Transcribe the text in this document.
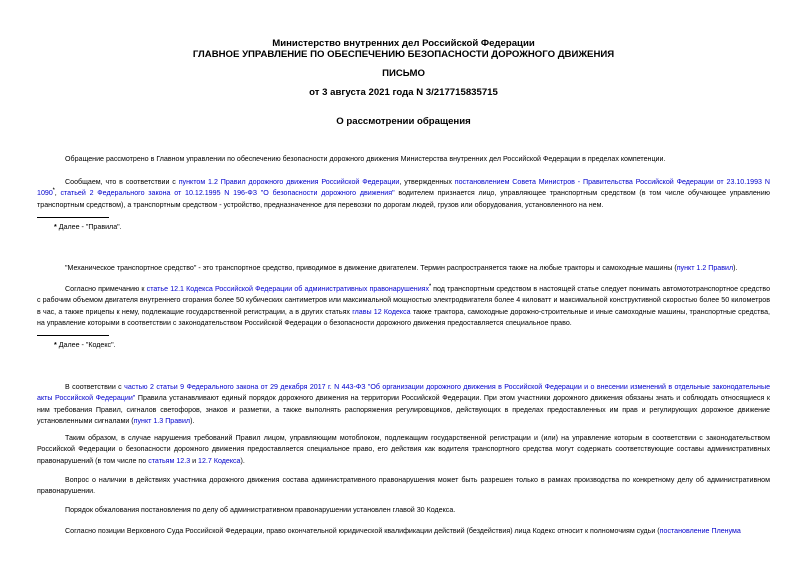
Министерство внутренних дел Российской Федерации
ГЛАВНОЕ УПРАВЛЕНИЕ ПО ОБЕСПЕЧЕНИЮ БЕЗОПАСНОСТИ ДОРОЖНОГО ДВИЖЕНИЯ
ПИСЬМО
от 3 августа 2021 года N 3/217715835715
О рассмотрении обращения
Обращение рассмотрено в Главном управлении по обеспечению безопасности дорожного движения Министерства внутренних дел Российской Федерации в пределах компетенции.
Сообщаем, что в соответствии с пунктом 1.2 Правил дорожного движения Российской Федерации, утвержденных постановлением Совета Министров - Правительства Российской Федерации от 23.10.1993 N 1090*, статьей 2 Федерального закона от 10.12.1995 N 196-ФЗ "О безопасности дорожного движения" водителем признается лицо, управляющее транспортным средством (в том числе обучающее управлению транспортным средством), а транспортным средством - устройство, предназначенное для перевозки по дорогам людей, грузов или оборудования, установленного на нем.
* Далее - "Правила".
"Механическое транспортное средство" - это транспортное средство, приводимое в движение двигателем. Термин распространяется также на любые тракторы и самоходные машины (пункт 1.2 Правил).
Согласно примечанию к статье 12.1 Кодекса Российской Федерации об административных правонарушениях* под транспортным средством в настоящей статье следует понимать автомототранспортное средство с рабочим объемом двигателя внутреннего сгорания более 50 кубических сантиметров или максимальной мощностью электродвигателя более 4 киловатт и максимальной конструктивной скоростью более 50 километров в час, а также прицепы к нему, подлежащие государственной регистрации, а в других статьях главы 12 Кодекса также трактора, самоходные дорожно-строительные и иные самоходные машины, транспортные средства, на управление которыми в соответствии с законодательством Российской Федерации о безопасности дорожного движения предоставляется специальное право.
* Далее - "Кодекс".
В соответствии с частью 2 статьи 9 Федерального закона от 29 декабря 2017 г. N 443-ФЗ "Об организации дорожного движения в Российской Федерации и о внесении изменений в отдельные законодательные акты Российской Федерации" Правила устанавливают единый порядок дорожного движения на территории Российской Федерации. При этом участники дорожного движения обязаны знать и соблюдать относящиеся к ним требования Правил, сигналов светофоров, знаков и разметки, а также выполнять распоряжения регулировщиков, действующих в пределах предоставленных им прав и регулирующих дорожное движение установленными сигналами (пункт 1.3 Правил).
Таким образом, в случае нарушения требований Правил лицом, управляющим мотоблоком, подлежащим государственной регистрации и (или) на управление которым в соответствии с законодательством Российской Федерации о безопасности дорожного движения предоставляется специальное право, его действия как водителя транспортного средства могут содержать соответствующие составы административных правонарушений (в том числе по статьям 12.3 и 12.7 Кодекса).
Вопрос о наличии в действиях участника дорожного движения состава административного правонарушения может быть разрешен только в рамках производства по конкретному делу об административном правонарушении.
Порядок обжалования постановления по делу об административном правонарушении установлен главой 30 Кодекса.
Согласно позиции Верховного Суда Российской Федерации, право окончательной юридической квалификации действий (бездействия) лица Кодекс относит к полномочиям судьи (постановление Пленума
